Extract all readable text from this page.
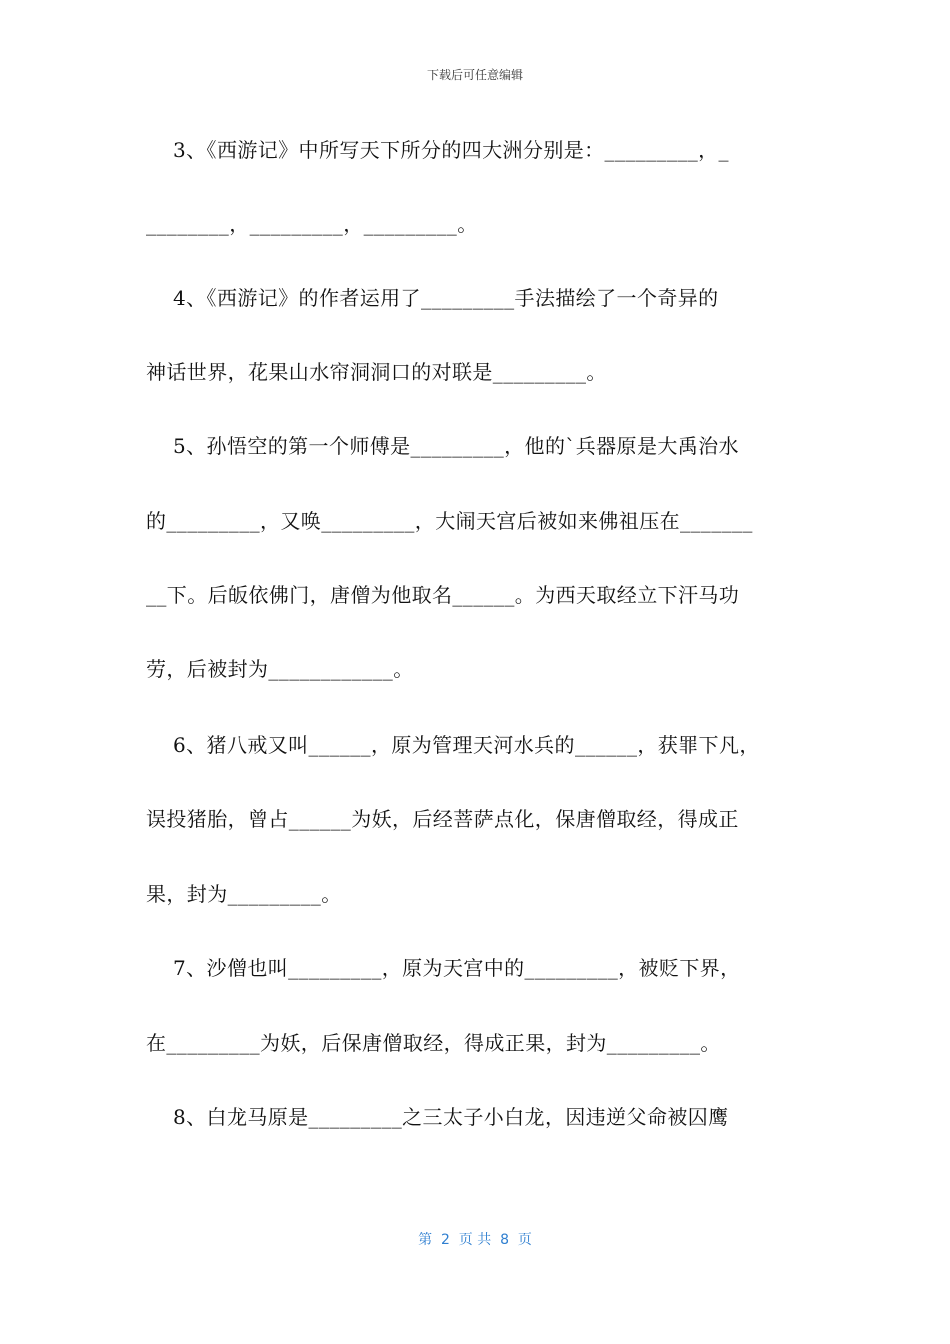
下载后可任意编辑
3、《西游记》中所写天下所分的四大洲分别是：_________，_
________，_________，_________。
4、《西游记》的作者运用了_________手法描绘了一个奇异的
神话世界，花果山水帘洞洞口的对联是_________。
5、孙悟空的第一个师傅是_________，他的`兵器原是大禹治水
的_________，又唤_________，大闹天宫后被如来佛祖压在_______
__下。后皈依佛门，唐僧为他取名______。为西天取经立下汗马功
劳，后被封为____________。
6、猪八戒又叫______，原为管理天河水兵的______，获罪下凡，
误投猪胎，曾占______为妖，后经菩萨点化，保唐僧取经，得成正
果，封为_________。
7、沙僧也叫_________，原为天宫中的_________，被贬下界，
在_________为妖，后保唐僧取经，得成正果，封为_________。
8、白龙马原是_________之三太子小白龙，因违逆父命被囚鹰
第  2  页 共  8  页
